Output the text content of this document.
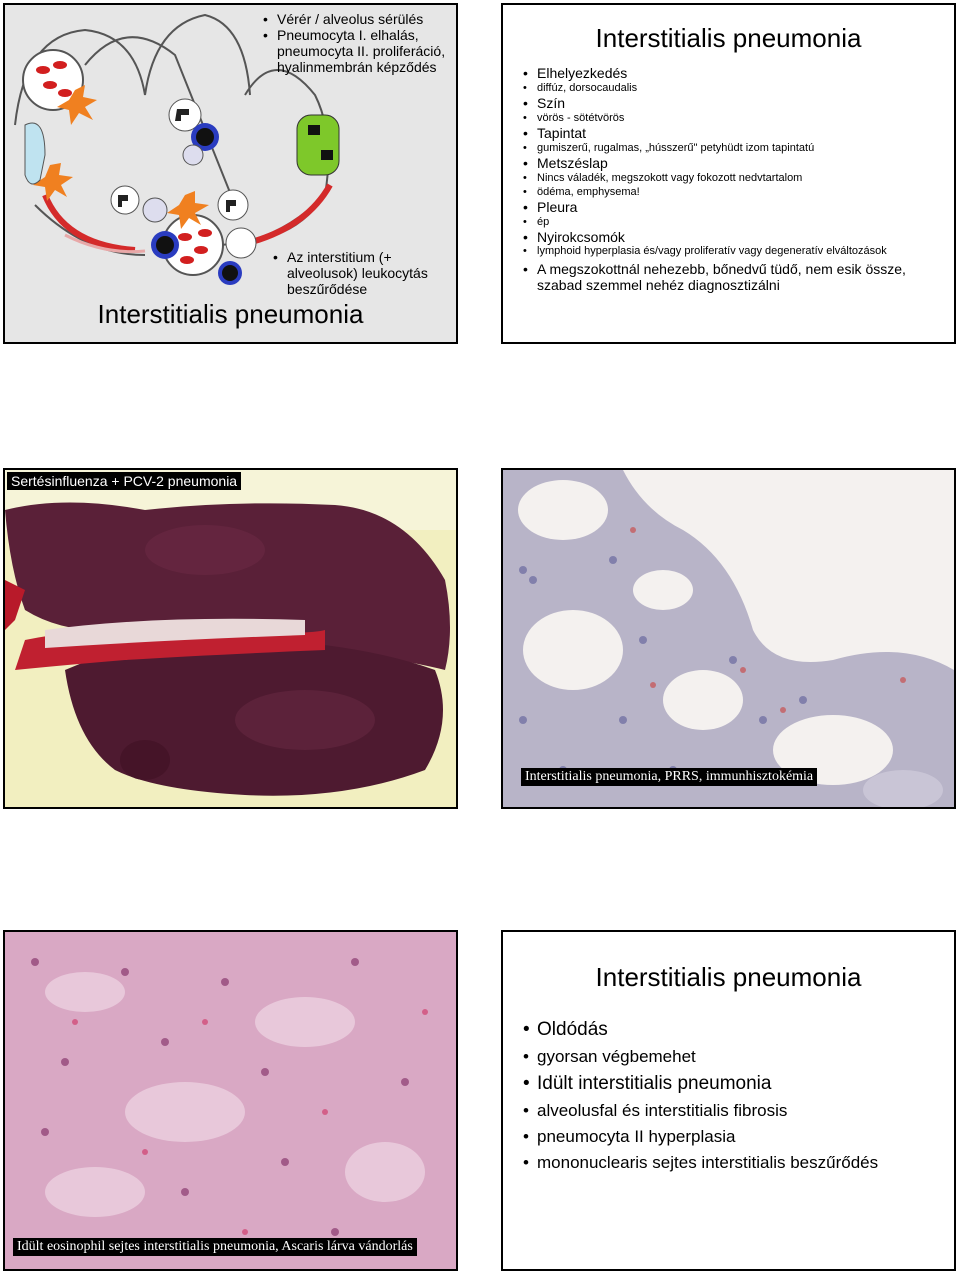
• Vérér / alveolus sérülés
• Pneumocyta I. elhalás, pneumocyta II. proliferáció, hyalinmembrán képződés
• Az interstitium (+ alveolusok) leukocytás beszűrődése
Interstitialis pneumonia
Interstitialis pneumonia
• Elhelyezkedés
• diffúz, dorsocaudalis
• Szín
• vörös - sötétvörös
• Tapintat
• gumiszerű, rugalmas, „hússzerű" petyhüdt izom tapintatú
• Metszéslap
• Nincs váladék, megszokott vagy fokozott nedvtartalom
• ödéma, emphysema!
• Pleura
• ép
• Nyirokcsomók
• lymphoid hyperplasia és/vagy proliferatív vagy degeneratív elváltozások
• A megszokottnál nehezebb, bőnedvű tüdő, nem esik össze, szabad szemmel nehéz diagnosztizálni
Sertésinfluenza + PCV-2 pneumonia
Interstitialis pneumonia, PRRS, immunhisztokémia
Idült eosinophil sejtes interstitialis pneumonia, Ascaris lárva vándorlás
Interstitialis pneumonia
• Oldódás
• gyorsan végbemehet
• Idült interstitialis pneumonia
• alveolusfal és interstitialis fibrosis
• pneumocyta II hyperplasia
• mononuclearis sejtes interstitialis beszűrődés
